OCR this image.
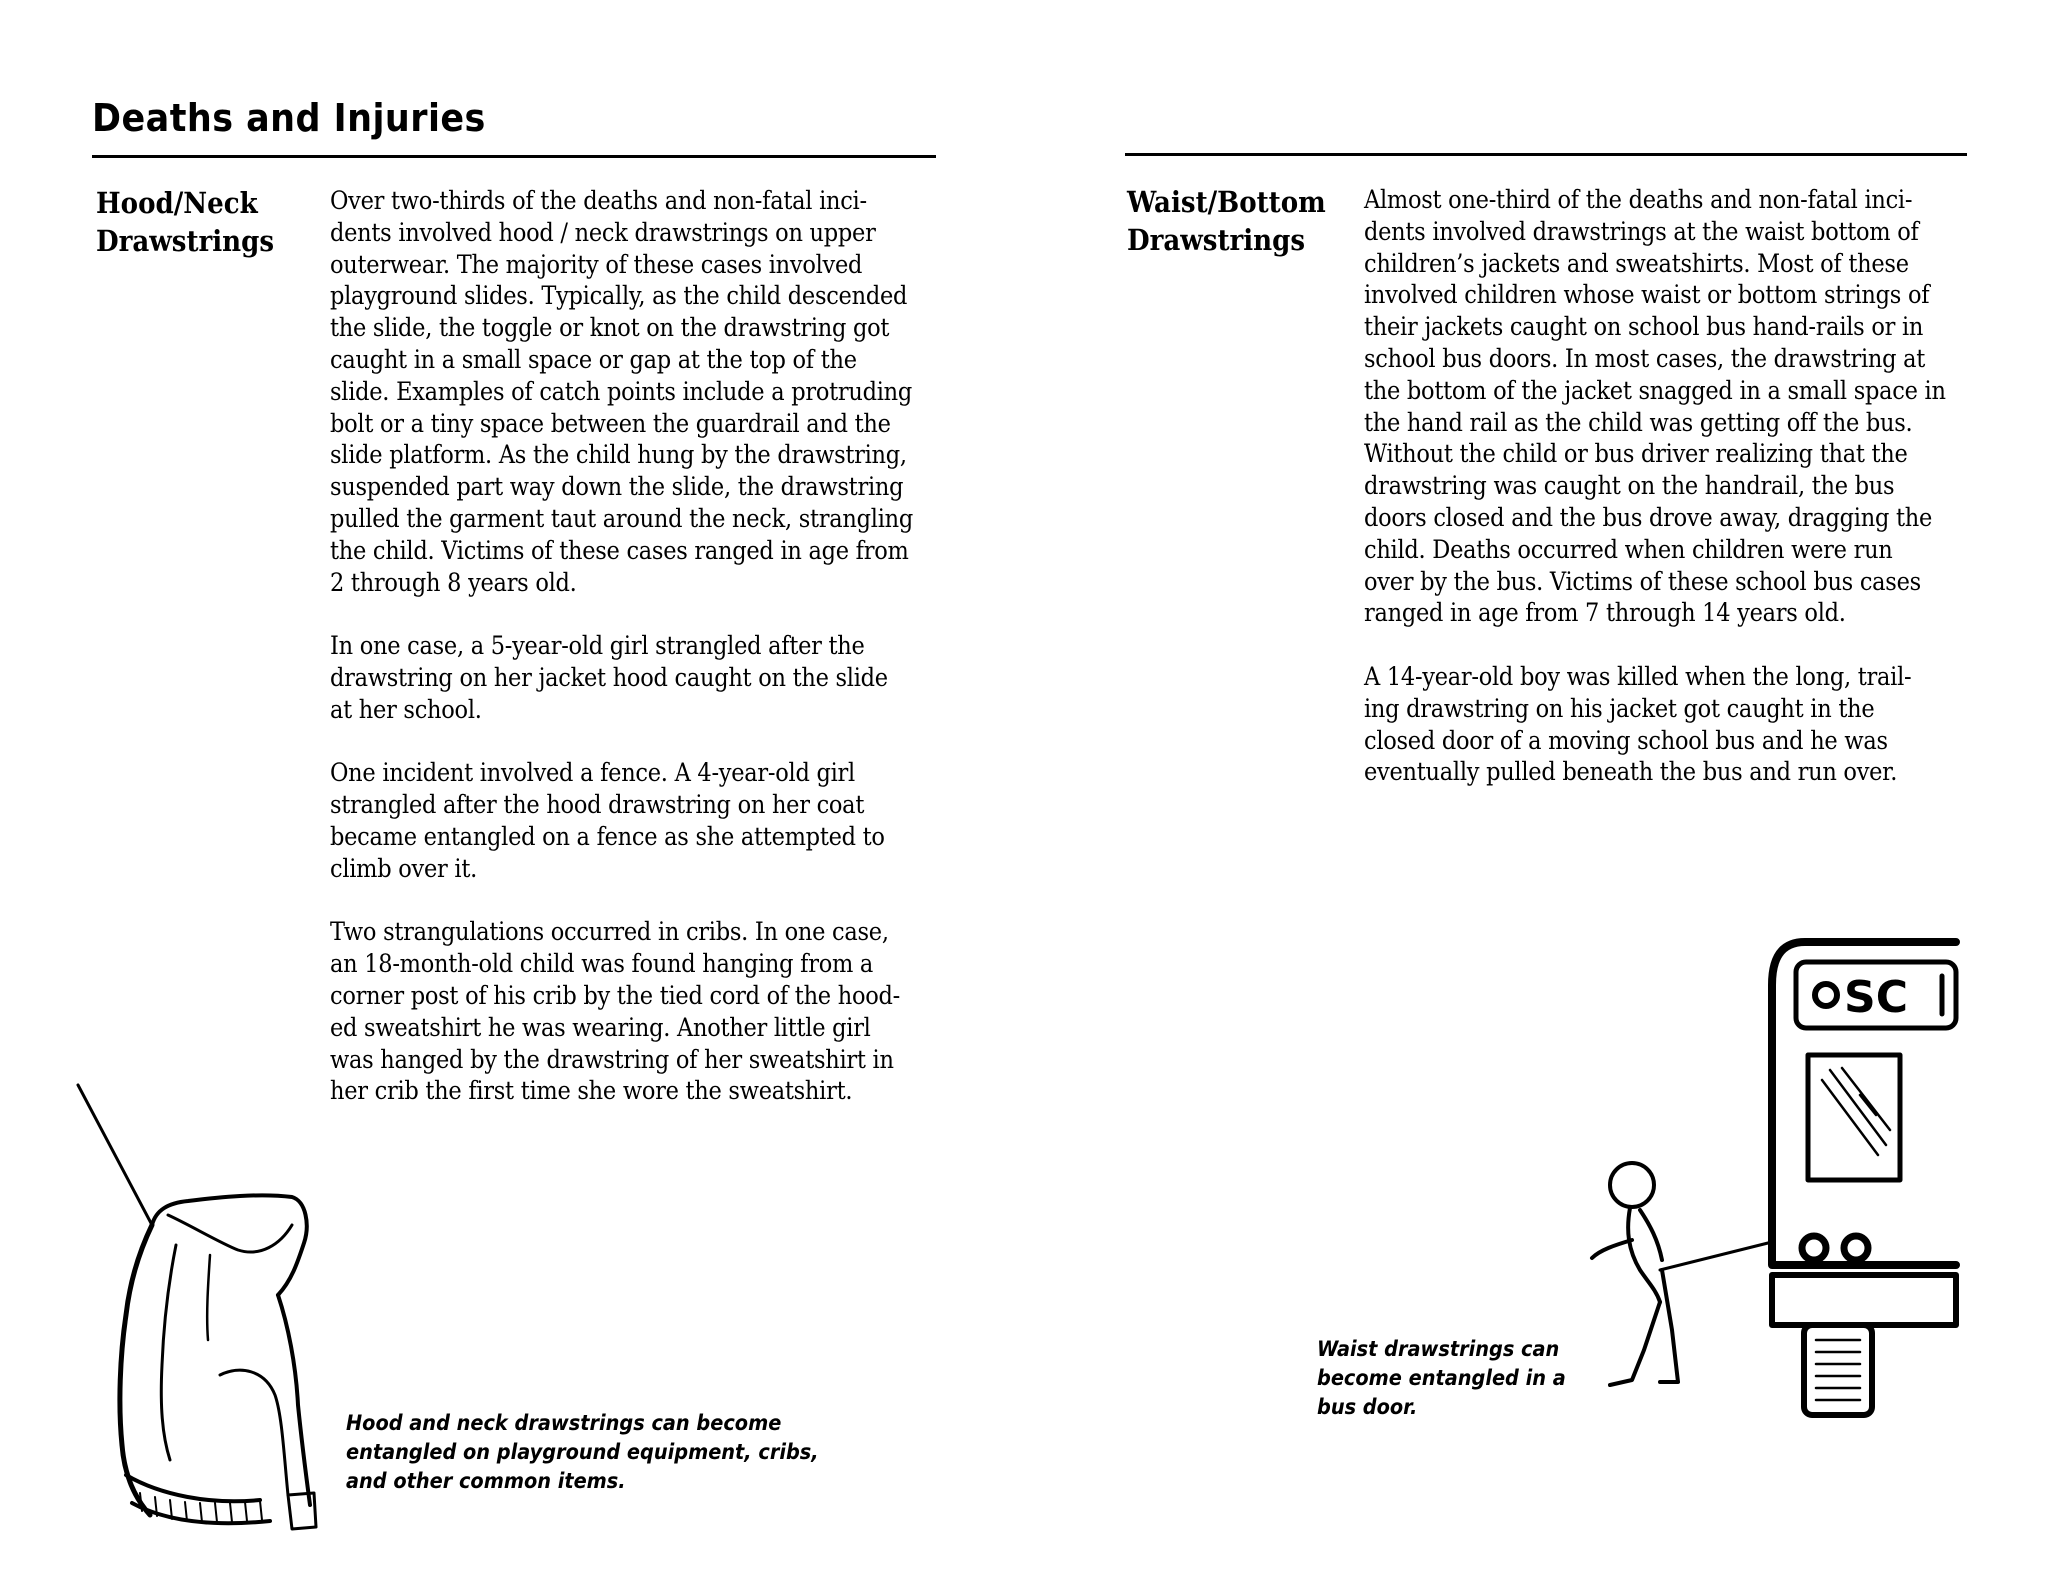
Deaths and Injuries
Hood/Neck
Drawstrings

Over two-thirds of the deaths and non-fatal inci-
dents involved hood / neck drawstrings on upper
outerwear. The majority of these cases involved
playground slides. Typically, as the child descended
the slide, the toggle or knot on the drawstring got
caught in a small space or gap at the top of the
slide. Examples of catch points include a protruding
bolt or a tiny space between the guardrail and the
slide platform. As the child hung by the drawstring,
suspended part way down the slide, the drawstring
pulled the garment taut around the neck, strangling
the child. Victims of these cases ranged in age from
2 through 8 years old.

In one case, a 5-year-old girl strangled after the
drawstring on her jacket hood caught on the slide
at her school.

One incident involved a fence. A 4-year-old girl
strangled after the hood drawstring on her coat
became entangled on a fence as she attempted to
climb over it.

Two strangulations occurred in cribs. In one case,
an 18-month-old child was found hanging from a
corner post of his crib by the tied cord of the hood-
ed sweatshirt he was wearing. Another little girl
was hanged by the drawstring of her sweatshirt in
her crib the first time she wore the sweatshirt.

Hood and neck drawstrings can become
entangled on playground equipment, cribs,
and other common items.
Waist/Bottom
Drawstrings

Almost one-third of the deaths and non-fatal inci-
dents involved drawstrings at the waist bottom of
children’s jackets and sweatshirts. Most of these
involved children whose waist or bottom strings of
their jackets caught on school bus hand-rails or in
school bus doors. In most cases, the drawstring at
the bottom of the jacket snagged in a small space in
the hand rail as the child was getting off the bus.
Without the child or bus driver realizing that the
drawstring was caught on the handrail, the bus
doors closed and the bus drove away, dragging the
child. Deaths occurred when children were run
over by the bus. Victims of these school bus cases
ranged in age from 7 through 14 years old.

A 14-year-old boy was killed when the long, trail-
ing drawstring on his jacket got caught in the
closed door of a moving school bus and he was
eventually pulled beneath the bus and run over.

Waist drawstrings can
become entangled in a
bus door.
SC
